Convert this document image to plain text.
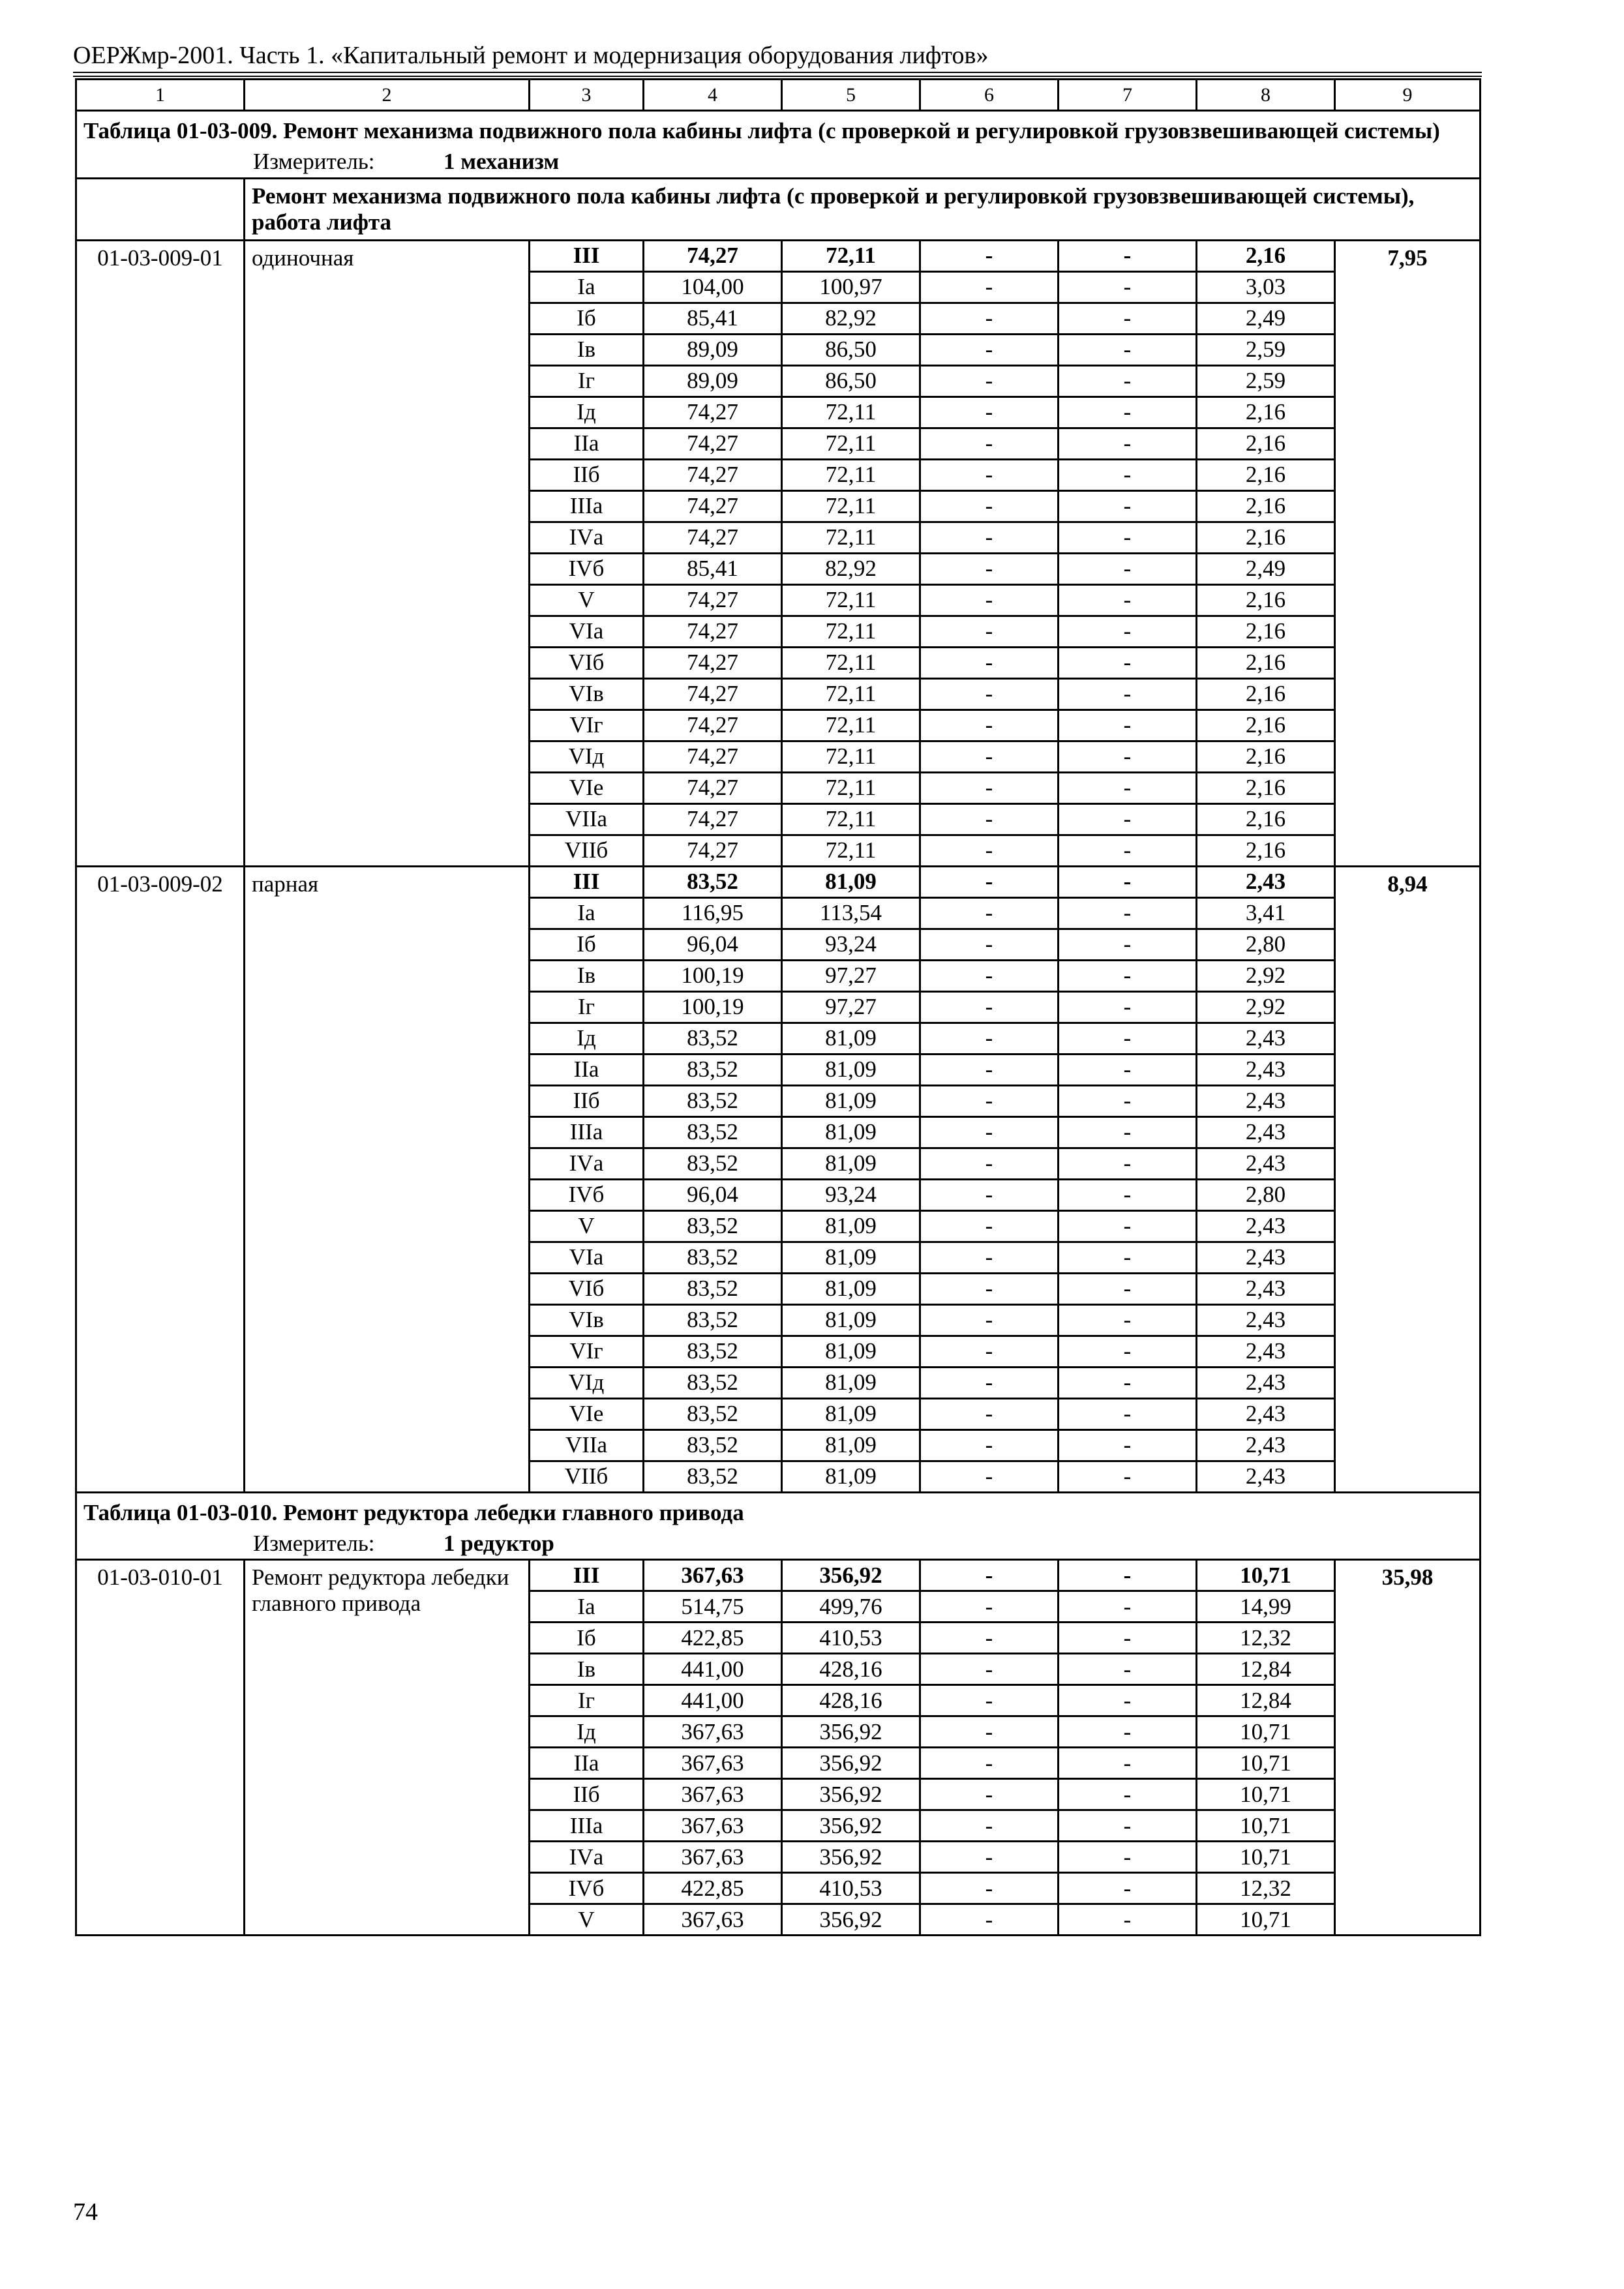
ОЕРЖмр-2001. Часть 1. «Капитальный ремонт и модернизация оборудования лифтов»
1	2	3	4	5	6	7	8	9
Таблица 01-03-009. Ремонт механизма подвижного пола кабины лифта (с проверкой и регулировкой грузовзвешивающей системы)								
Измеритель: 1 механизм								
	Ремонт механизма подвижного пола кабины лифта (с проверкой и регулировкой грузовзвешивающей системы), работа лифта							
01-03-009-01	одиночная	III	74,27	72,11	-	-	2,16	7,95
		Iа	104,00	100,97	-	-	3,03	
		Iб	85,41	82,92	-	-	2,49	
		Iв	89,09	86,50	-	-	2,59	
		Iг	89,09	86,50	-	-	2,59	
		Iд	74,27	72,11	-	-	2,16	
		IIа	74,27	72,11	-	-	2,16	
		IIб	74,27	72,11	-	-	2,16	
		IIIа	74,27	72,11	-	-	2,16	
		IVа	74,27	72,11	-	-	2,16	
		IVб	85,41	82,92	-	-	2,49	
		V	74,27	72,11	-	-	2,16	
		VIа	74,27	72,11	-	-	2,16	
		VIб	74,27	72,11	-	-	2,16	
		VIв	74,27	72,11	-	-	2,16	
		VIг	74,27	72,11	-	-	2,16	
		VIд	74,27	72,11	-	-	2,16	
		VIе	74,27	72,11	-	-	2,16	
		VIIа	74,27	72,11	-	-	2,16	
		VIIб	74,27	72,11	-	-	2,16	
01-03-009-02	парная	III	83,52	81,09	-	-	2,43	8,94
		Iа	116,95	113,54	-	-	3,41	
		Iб	96,04	93,24	-	-	2,80	
		Iв	100,19	97,27	-	-	2,92	
		Iг	100,19	97,27	-	-	2,92	
		Iд	83,52	81,09	-	-	2,43	
		IIа	83,52	81,09	-	-	2,43	
		IIб	83,52	81,09	-	-	2,43	
		IIIа	83,52	81,09	-	-	2,43	
		IVа	83,52	81,09	-	-	2,43	
		IVб	96,04	93,24	-	-	2,80	
		V	83,52	81,09	-	-	2,43	
		VIа	83,52	81,09	-	-	2,43	
		VIб	83,52	81,09	-	-	2,43	
		VIв	83,52	81,09	-	-	2,43	
		VIг	83,52	81,09	-	-	2,43	
		VIд	83,52	81,09	-	-	2,43	
		VIе	83,52	81,09	-	-	2,43	
		VIIа	83,52	81,09	-	-	2,43	
		VIIб	83,52	81,09	-	-	2,43	
Таблица 01-03-010. Ремонт редуктора лебедки главного привода								
Измеритель: 1 редуктор								
01-03-010-01	Ремонт редуктора лебедки главного привода	III	367,63	356,92	-	-	10,71	35,98
		Iа	514,75	499,76	-	-	14,99	
		Iб	422,85	410,53	-	-	12,32	
		Iв	441,00	428,16	-	-	12,84	
		Iг	441,00	428,16	-	-	12,84	
		Iд	367,63	356,92	-	-	10,71	
		IIа	367,63	356,92	-	-	10,71	
		IIб	367,63	356,92	-	-	10,71	
		IIIа	367,63	356,92	-	-	10,71	
		IVа	367,63	356,92	-	-	10,71	
		IVб	422,85	410,53	-	-	12,32	
		V	367,63	356,92	-	-	10,71	
74
